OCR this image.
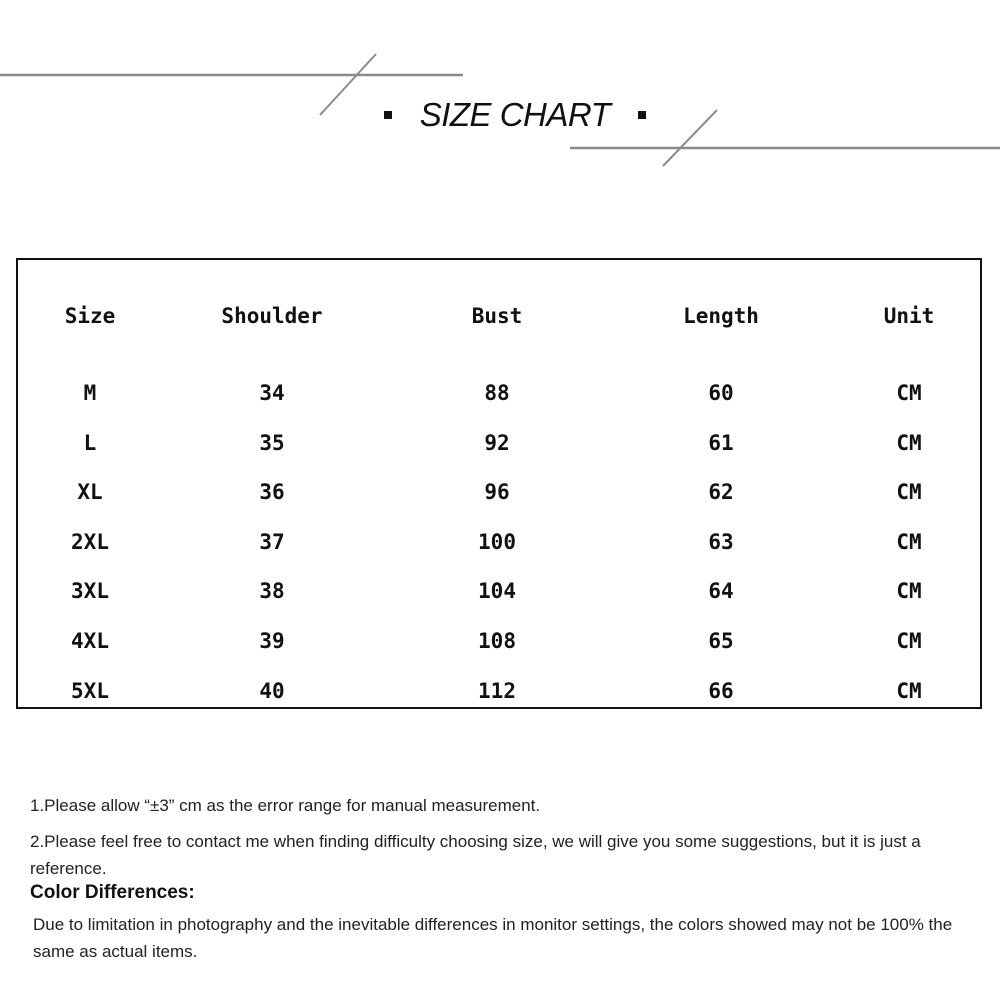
SIZE CHART
Size	Shoulder	Bust	Length	Unit
M	34	88	60	CM
L	35	92	61	CM
XL	36	96	62	CM
2XL	37	100	63	CM
3XL	38	104	64	CM
4XL	39	108	65	CM
5XL	40	112	66	CM
1.Please allow “±3” cm as the error range for manual measurement.
2.Please feel free to contact me when finding difficulty choosing size, we will give you some suggestions, but it is just a reference.
Color Differences:
Due to limitation in photography and the inevitable differences in monitor settings, the colors showed may not be 100% the same as actual items.
